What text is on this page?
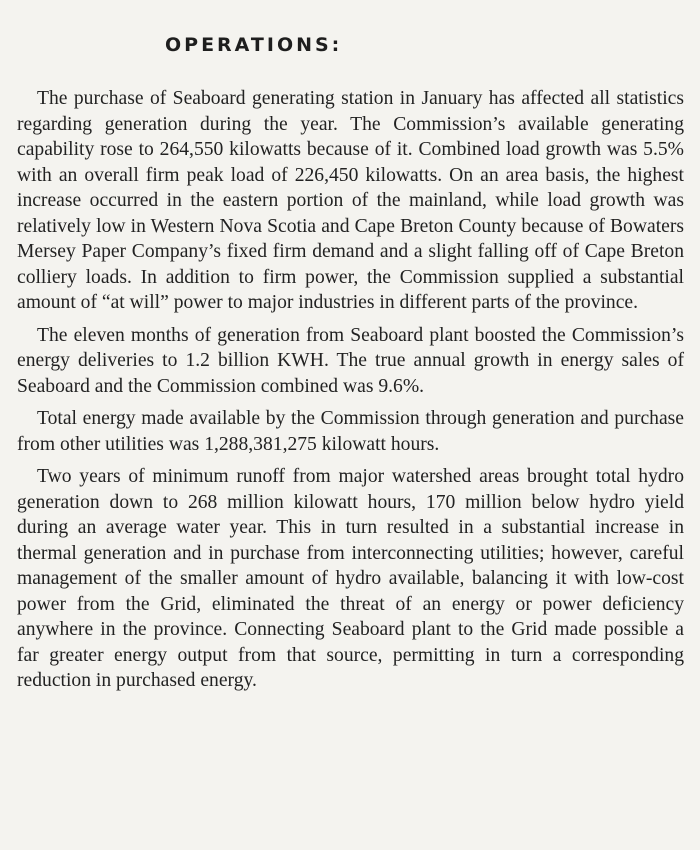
OPERATIONS:

The purchase of Seaboard generating station in January has affected all statistics regarding generation during the year. The Commission’s available generating capability rose to 264,550 kilowatts because of it. Combined load growth was 5.5% with an overall firm peak load of 226,450 kilowatts. On an area basis, the highest increase occurred in the eastern portion of the mainland, while load growth was relatively low in Western Nova Scotia and Cape Breton County because of Bowaters Mersey Paper Company’s fixed firm demand and a slight falling off of Cape Breton colliery loads. In addition to firm power, the Commission supplied a substantial amount of “at will” power to major industries in different parts of the province.

The eleven months of generation from Seaboard plant boosted the Commission’s energy deliveries to 1.2 billion KWH. The true annual growth in energy sales of Seaboard and the Commission combined was 9.6%.

Total energy made available by the Commission through generation and purchase from other utilities was 1,288,381,275 kilowatt hours.

Two years of minimum runoff from major watershed areas brought total hydro generation down to 268 million kilowatt hours, 170 million below hydro yield during an average water year. This in turn resulted in a substantial increase in thermal generation and in purchase from interconnecting utilities; however, careful management of the smaller amount of hydro available, balancing it with low-cost power from the Grid, eliminated the threat of an energy or power deficiency anywhere in the province. Connecting Seaboard plant to the Grid made possible a far greater energy output from that source, permitting in turn a corresponding reduction in purchased energy.
